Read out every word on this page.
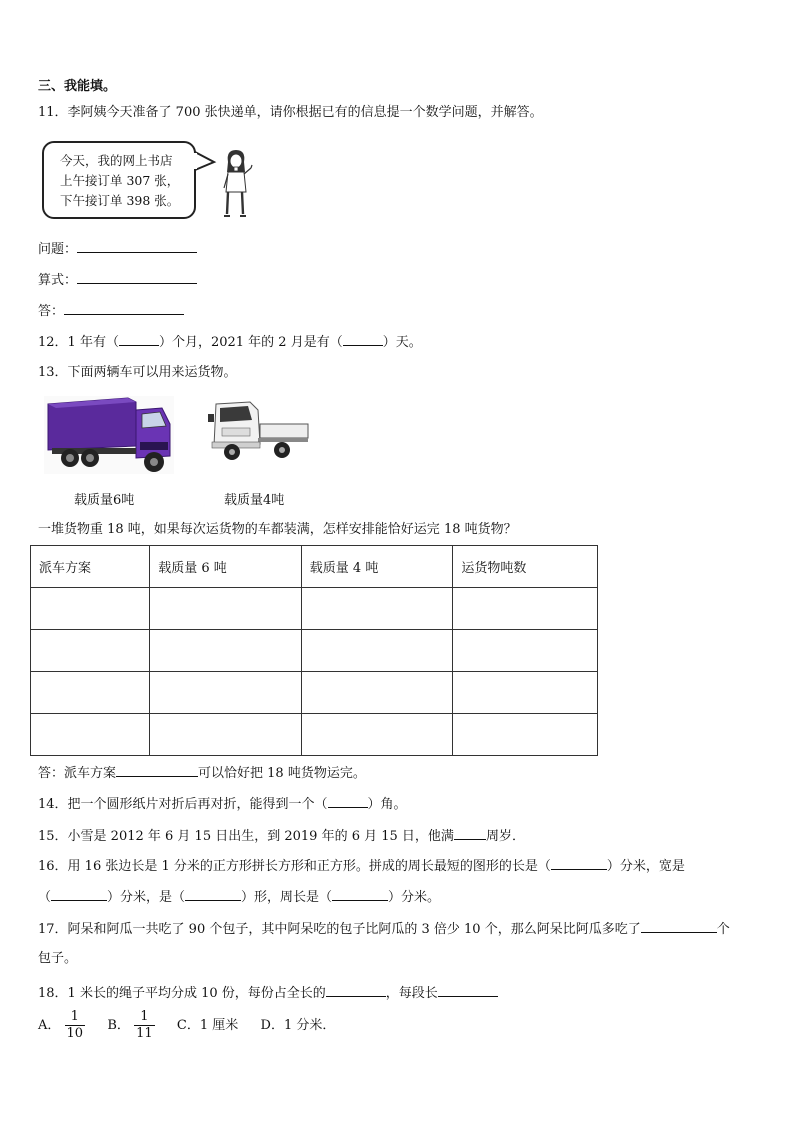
三、我能填。
11．李阿姨今天准备了 700 张快递单，请你根据已有的信息提一个数学问题，并解答。
今天，我的网上书店
上午接订单 307 张，
下午接订单 398 张。
问题：
算式：
答：
12．1 年有（	）个月，2021 年的 2 月是有（	）天。
13．下面两辆车可以用来运货物。
载质量6吨	载质量4吨
一堆货物重 18 吨，如果每次运货物的车都装满，怎样安排能恰好运完 18 吨货物？
派车方案	载质量 6 吨	载质量 4 吨	运货物吨数

答：派车方案	可以恰好把 18 吨货物运完。
14．把一个圆形纸片对折后再对折，能得到一个（	）角。
15．小雪是 2012 年 6 月 15 日出生，到 2019 年的 6 月 15 日，他满 周岁．
16．用 16 张边长是 1 分米的正方形拼长方形和正方形。拼成的周长最短的图形的长是（	）分米，宽是
（	）分米，是（	）形，周长是（	）分米。
17．阿呆和阿瓜一共吃了 90 个包子，其中阿呆吃的包子比阿瓜的 3 倍少 10 个，那么阿呆比阿瓜多吃了	个
包子。
18．1 米长的绳子平均分成 10 份，每份占全长的	，每段长
A． $\frac{1}{10}$ B． $\frac{1}{11}$ C．1 厘米 D．1 分米．
